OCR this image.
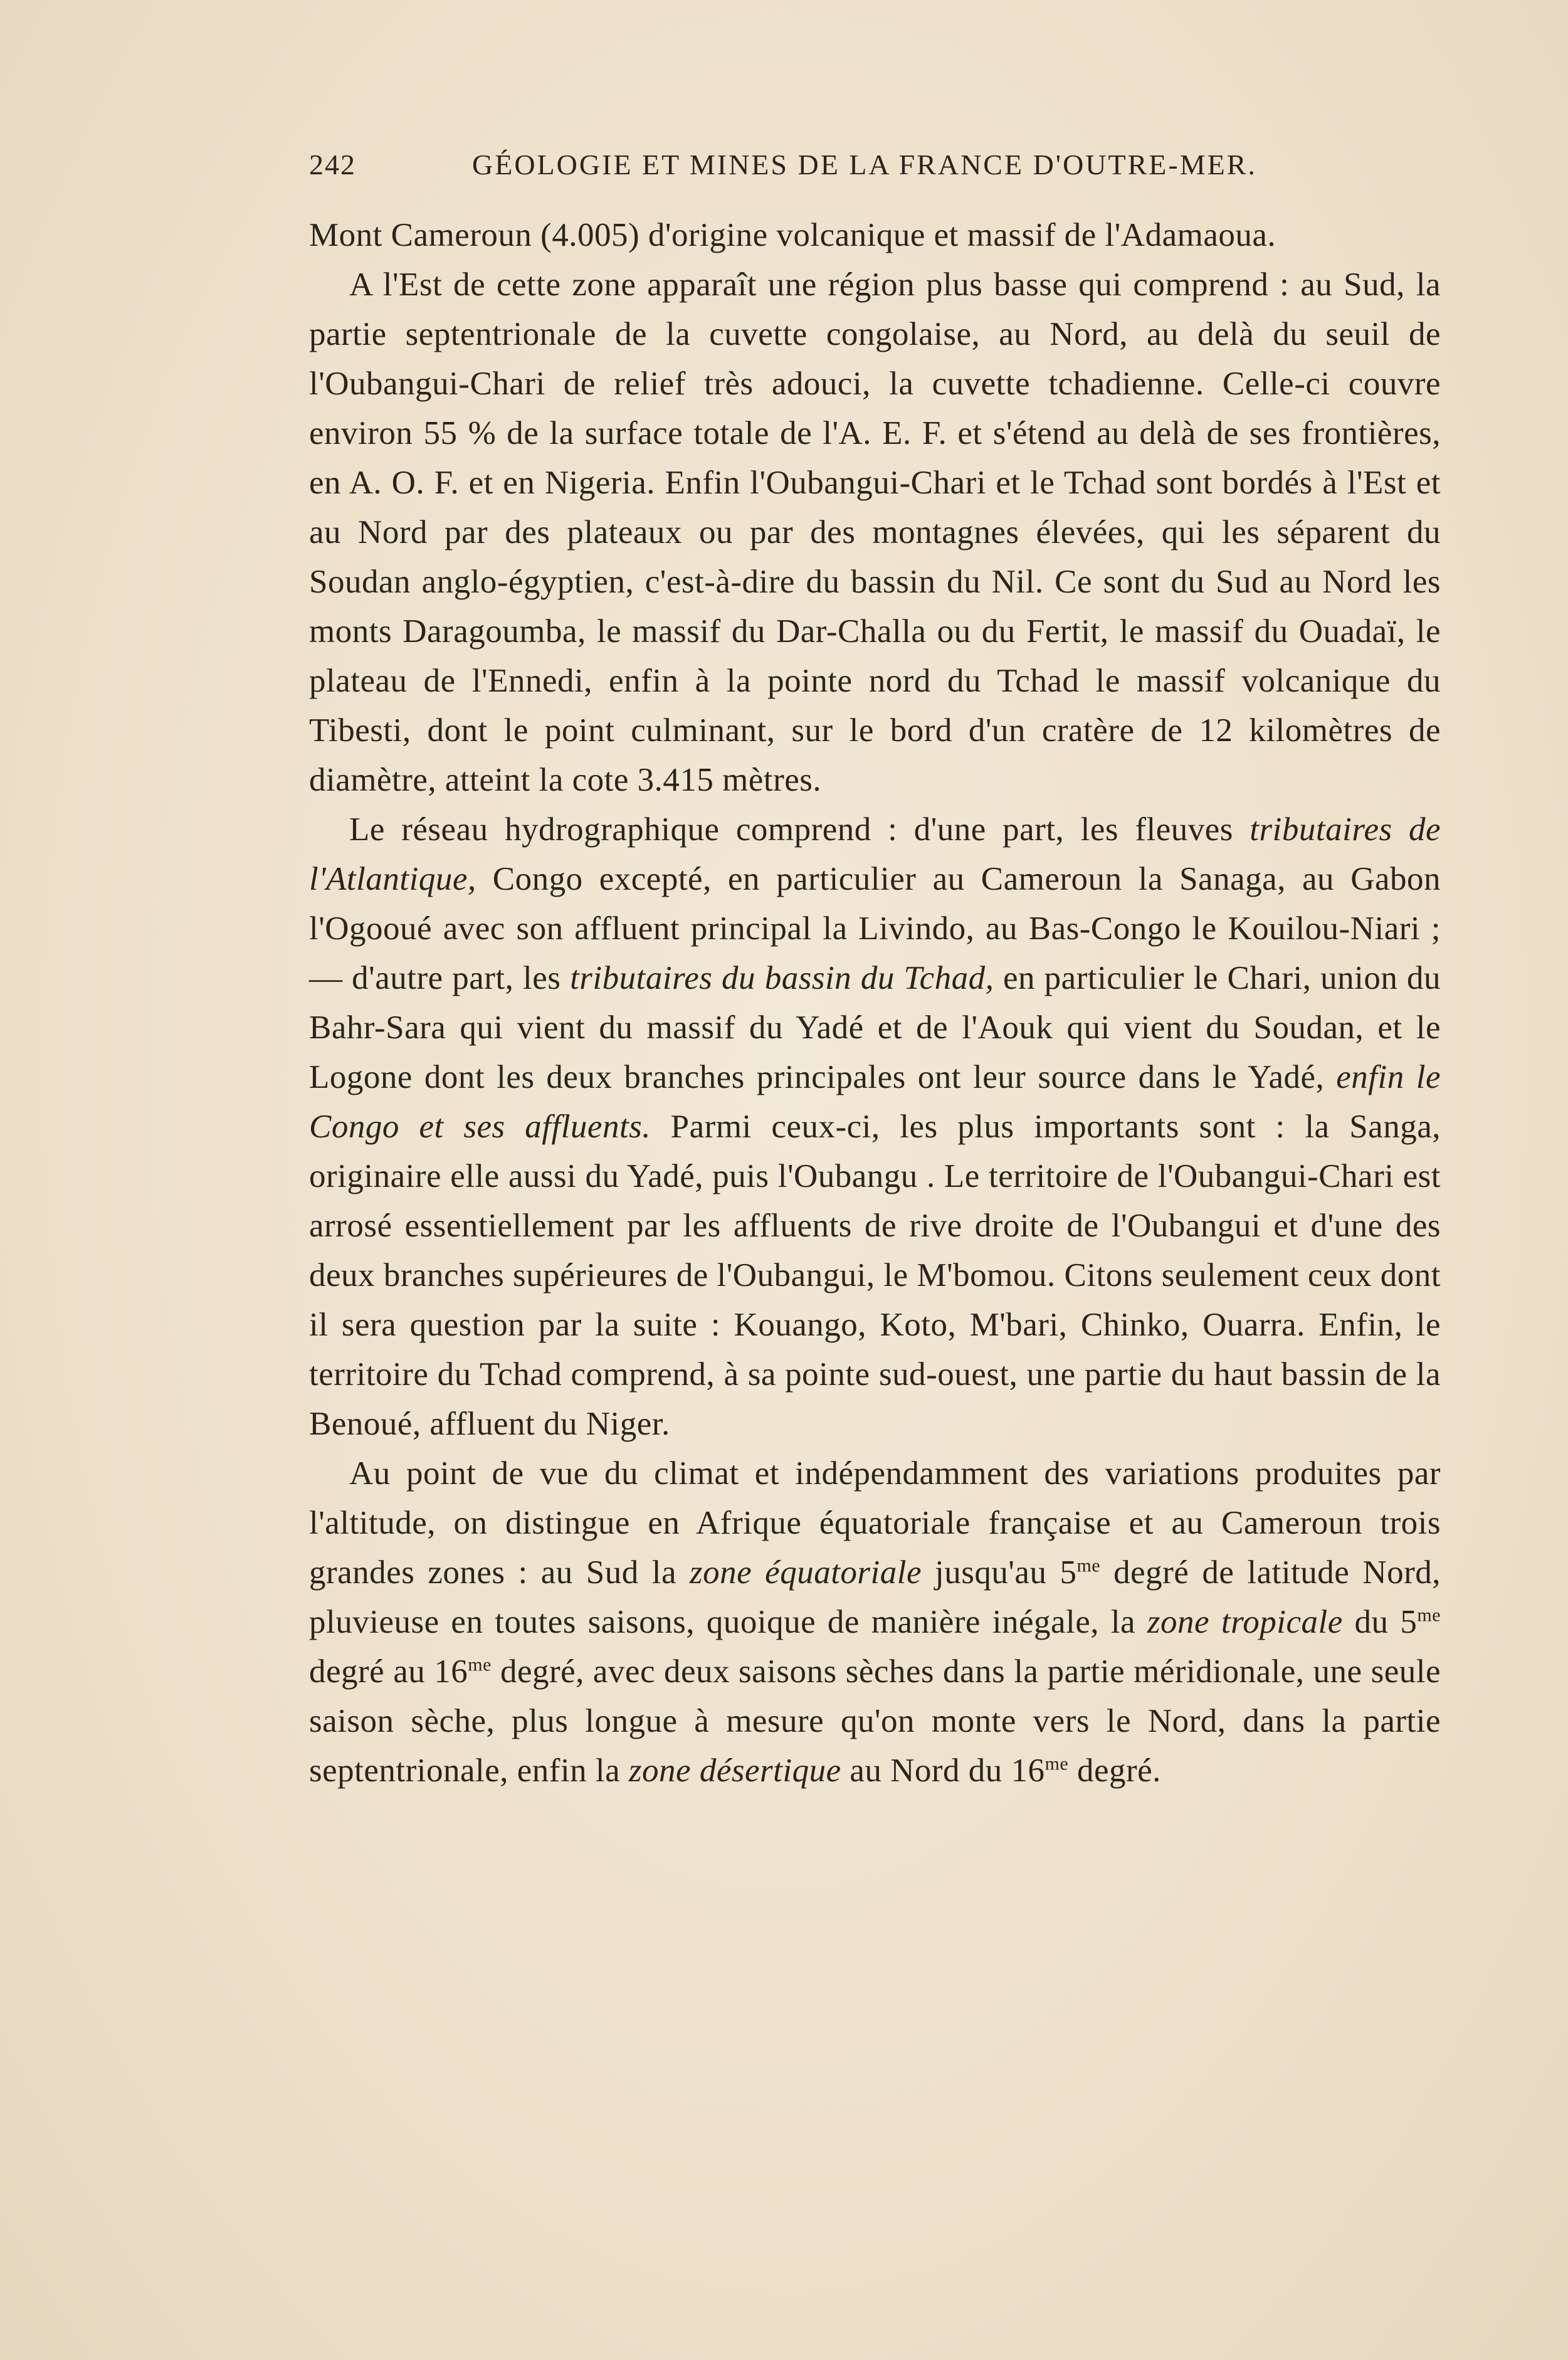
242	GÉOLOGIE ET MINES DE LA FRANCE D'OUTRE-MER.

Mont Cameroun (4.005) d'origine volcanique et massif de l'Adamaoua.

A l'Est de cette zone apparaît une région plus basse qui comprend : au Sud, la partie septentrionale de la cuvette congolaise, au Nord, au delà du seuil de l'Oubangui-Chari de relief très adouci, la cuvette tchadienne. Celle-ci couvre environ 55 % de la surface totale de l'A. E. F. et s'étend au delà de ses frontières, en A. O. F. et en Nigeria. Enfin l'Oubangui-Chari et le Tchad sont bordés à l'Est et au Nord par des plateaux ou par des montagnes élevées, qui les séparent du Soudan anglo-égyptien, c'est-à-dire du bassin du Nil. Ce sont du Sud au Nord les monts Daragoumba, le massif du Dar-Challa ou du Fertit, le massif du Ouadaï, le plateau de l'Ennedi, enfin à la pointe nord du Tchad le massif volcanique du Tibesti, dont le point culminant, sur le bord d'un cratère de 12 kilomètres de diamètre, atteint la cote 3.415 mètres.

Le réseau hydrographique comprend : d'une part, les fleuves tributaires de l'Atlantique, Congo excepté, en particulier au Cameroun la Sanaga, au Gabon l'Ogooué avec son affluent principal la Livindo, au Bas-Congo le Kouilou-Niari ; — d'autre part, les tributaires du bassin du Tchad, en particulier le Chari, union du Bahr-Sara qui vient du massif du Yadé et de l'Aouk qui vient du Soudan, et le Logone dont les deux branches principales ont leur source dans le Yadé, enfin le Congo et ses affluents. Parmi ceux-ci, les plus importants sont : la Sanga, originaire elle aussi du Yadé, puis l'Oubangu . Le territoire de l'Oubangui-Chari est arrosé essentiellement par les affluents de rive droite de l'Oubangui et d'une des deux branches supérieures de l'Oubangui, le M'bomou. Citons seulement ceux dont il sera question par la suite : Kouango, Koto, M'bari, Chinko, Ouarra. Enfin, le territoire du Tchad comprend, à sa pointe sud-ouest, une partie du haut bassin de la Benoué, affluent du Niger.

Au point de vue du climat et indépendamment des variations produites par l'altitude, on distingue en Afrique équatoriale française et au Cameroun trois grandes zones : au Sud la zone équatoriale jusqu'au $5^{me}$ degré de latitude Nord, pluvieuse en toutes saisons, quoique de manière inégale, la zone tropicale du $5^{me}$ degré au $16^{me}$ degré, avec deux saisons sèches dans la partie méridionale, une seule saison sèche, plus longue à mesure qu'on monte vers le Nord, dans la partie septentrionale, enfin la zone désertique au Nord du $16^{me}$ degré.
